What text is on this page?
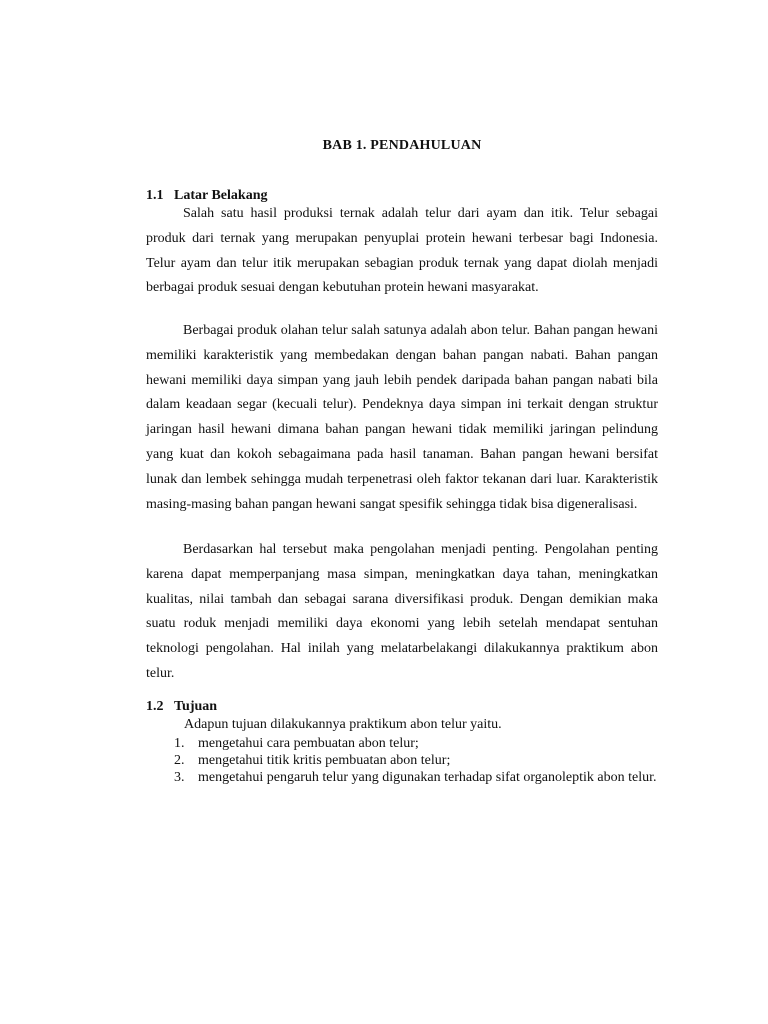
BAB 1. PENDAHULUAN
1.1 Latar Belakang

Salah satu hasil produksi ternak adalah telur dari ayam dan itik. Telur sebagai produk dari ternak yang merupakan penyuplai protein hewani terbesar bagi Indonesia. Telur ayam dan telur itik merupakan sebagian produk ternak yang dapat diolah menjadi berbagai produk sesuai dengan kebutuhan protein hewani masyarakat.

Berbagai produk olahan telur salah satunya adalah abon telur. Bahan pangan hewani memiliki karakteristik yang membedakan dengan bahan pangan nabati. Bahan pangan hewani memiliki daya simpan yang jauh lebih pendek daripada bahan pangan nabati bila dalam keadaan segar (kecuali telur). Pendeknya daya simpan ini terkait dengan struktur jaringan hasil hewani dimana bahan pangan hewani tidak memiliki jaringan pelindung yang kuat dan kokoh sebagaimana pada hasil tanaman. Bahan pangan hewani bersifat lunak dan lembek sehingga mudah terpenetrasi oleh faktor tekanan dari luar. Karakteristik masing-masing bahan pangan hewani sangat spesifik sehingga tidak bisa digeneralisasi.

Berdasarkan hal tersebut maka pengolahan menjadi penting. Pengolahan penting karena dapat memperpanjang masa simpan, meningkatkan daya tahan, meningkatkan kualitas, nilai tambah dan sebagai sarana diversifikasi produk. Dengan demikian maka suatu roduk menjadi memiliki daya ekonomi yang lebih setelah mendapat sentuhan teknologi pengolahan. Hal inilah yang melatarbelakangi dilakukannya praktikum abon telur.

1.2 Tujuan
Adapun tujuan dilakukannya praktikum abon telur yaitu.
1. mengetahui cara pembuatan abon telur;
2. mengetahui titik kritis pembuatan abon telur;
3. mengetahui pengaruh telur yang digunakan terhadap sifat organoleptik abon telur.
